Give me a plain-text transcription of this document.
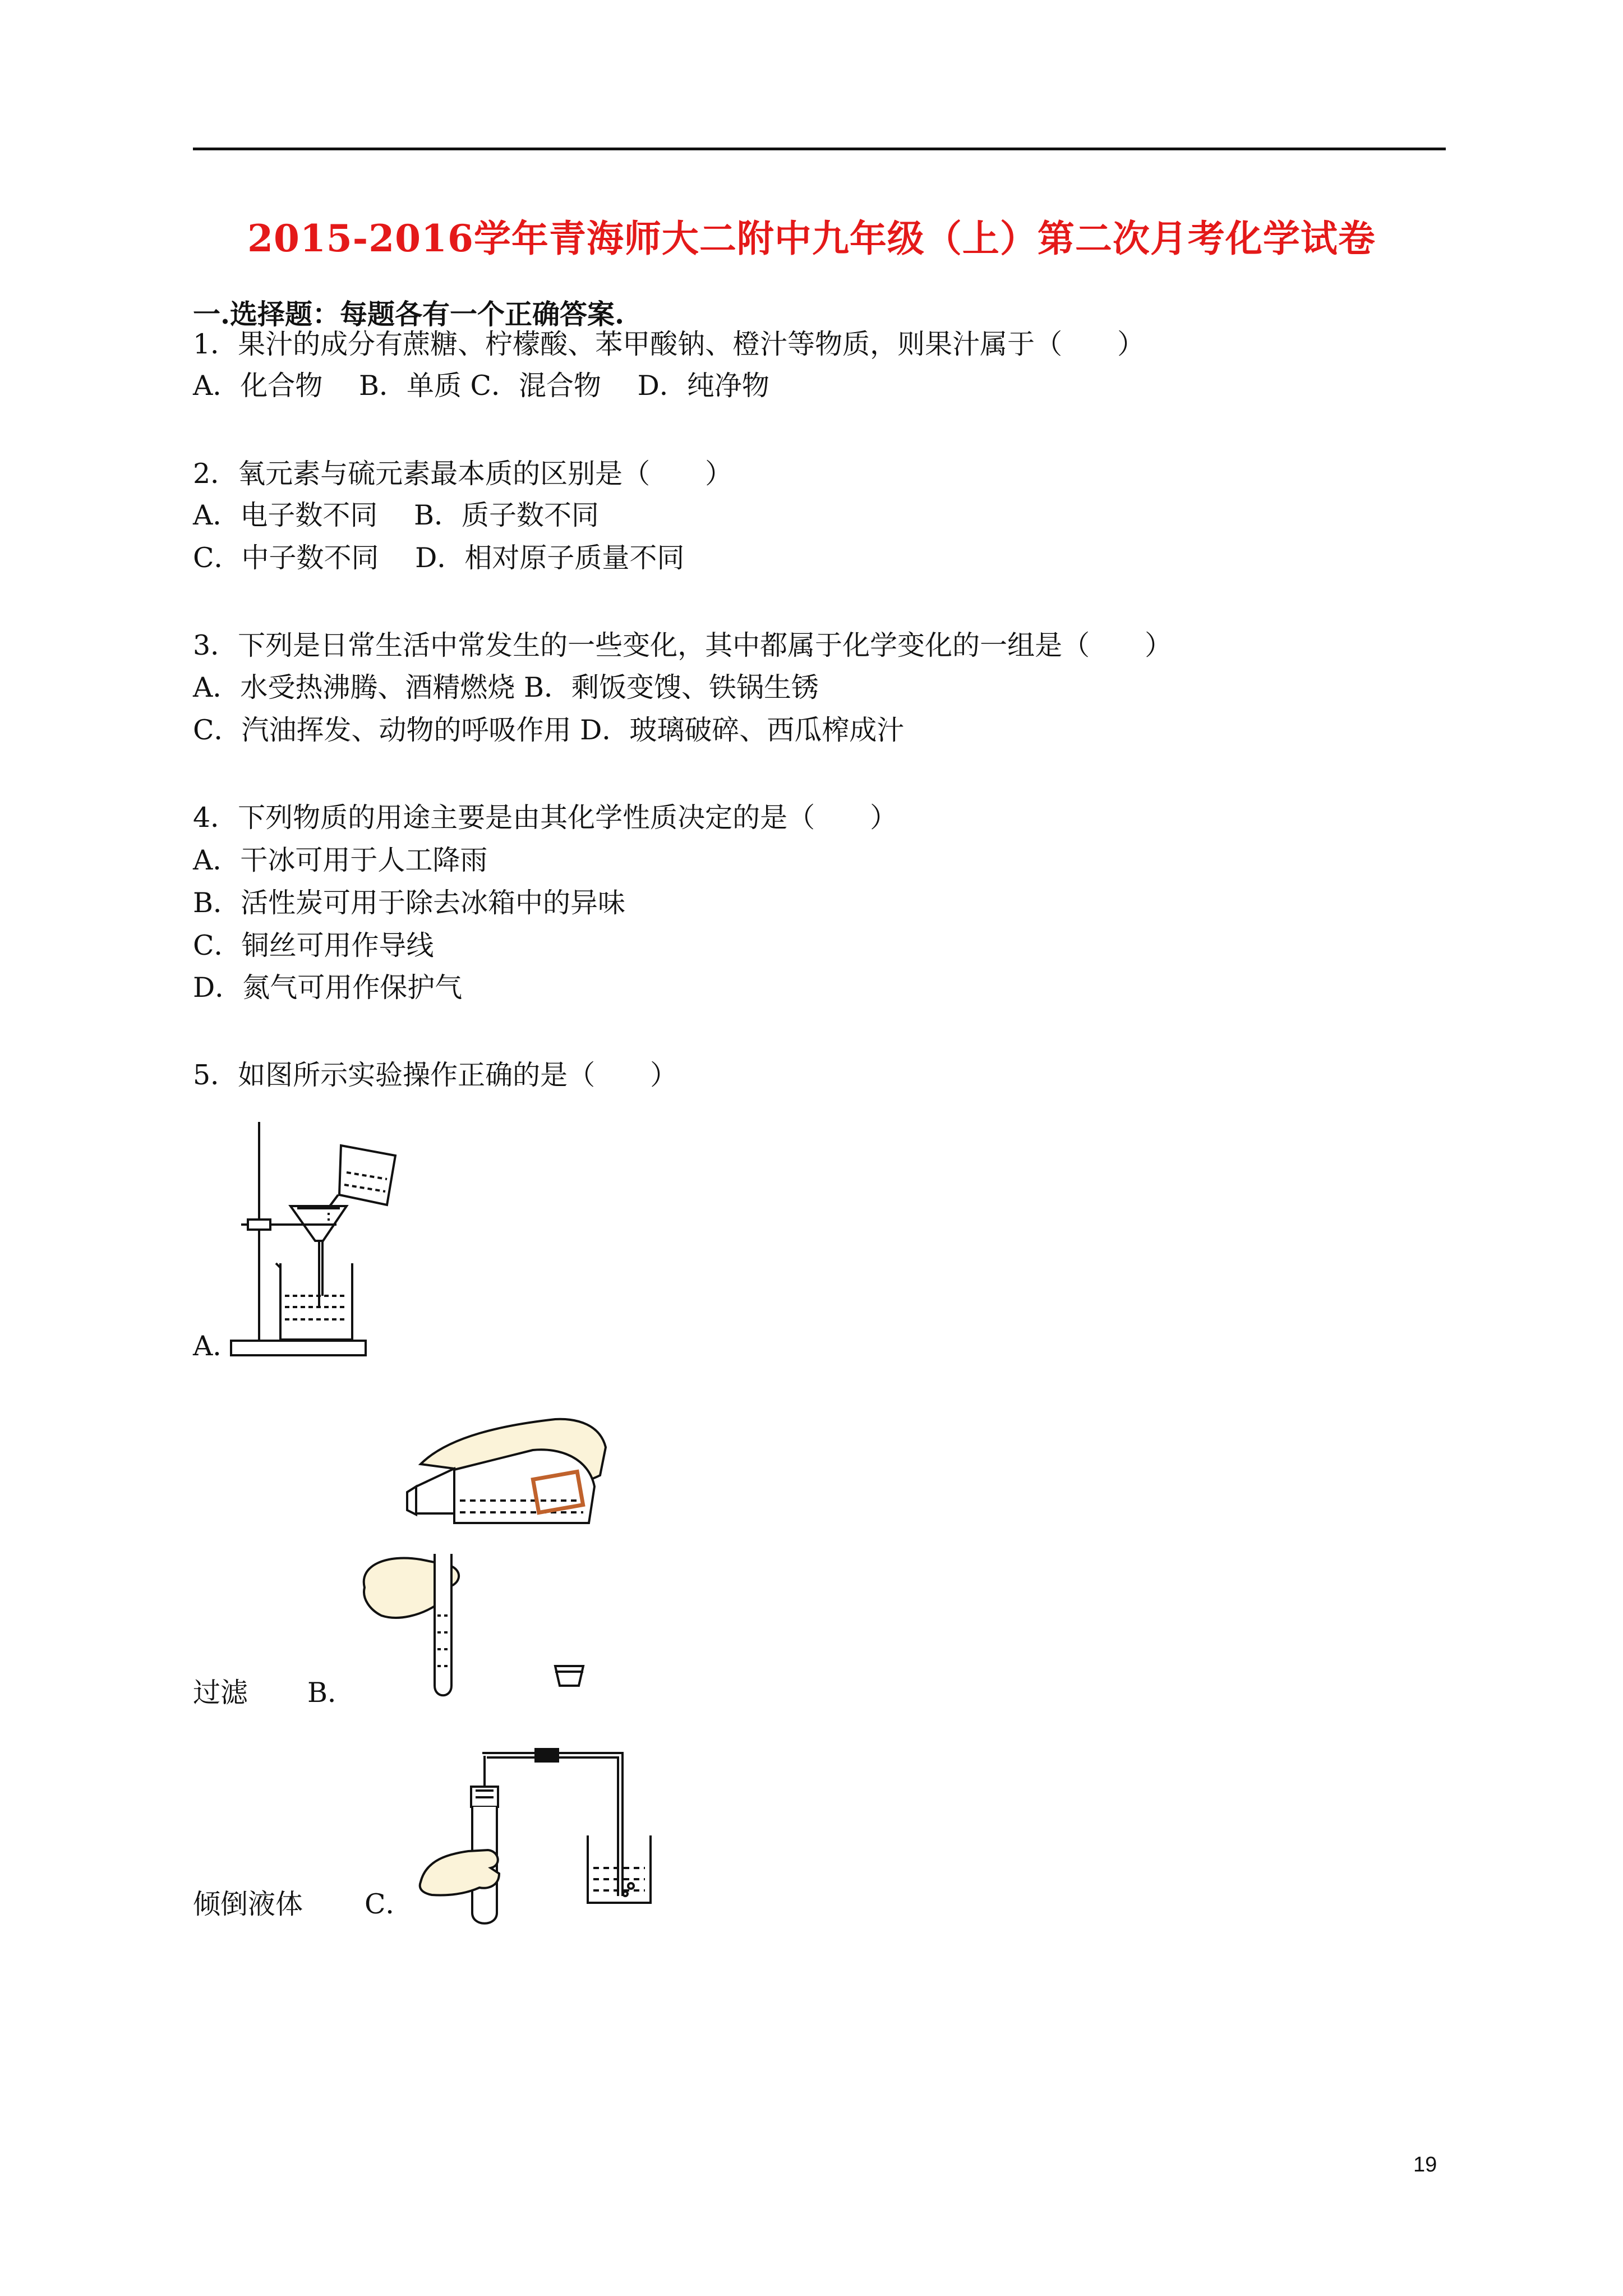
2015-2016学年青海师大二附中九年级（上）第二次月考化学试卷
一.选择题：每题各有一个正确答案.
1．果汁的成分有蔗糖、柠檬酸、苯甲酸钠、橙汁等物质，则果汁属于（　　）
A．化合物　 B．单质 C．混合物　 D．纯净物
2．氧元素与硫元素最本质的区别是（　　）
A．电子数不同　 B．质子数不同
C．中子数不同　 D．相对原子质量不同
3．下列是日常生活中常发生的一些变化，其中都属于化学变化的一组是（　　）
A．水受热沸腾、酒精燃烧 B．剩饭变馊、铁锅生锈
C．汽油挥发、动物的呼吸作用 D．玻璃破碎、西瓜榨成汁
4．下列物质的用途主要是由其化学性质决定的是（　　）
A．干冰可用于人工降雨
B．活性炭可用于除去冰箱中的异味
C．铜丝可用作导线
D．氮气可用作保护气
5．如图所示实验操作正确的是（　　）
A．
过滤 B．
倾倒液体 C．
19
